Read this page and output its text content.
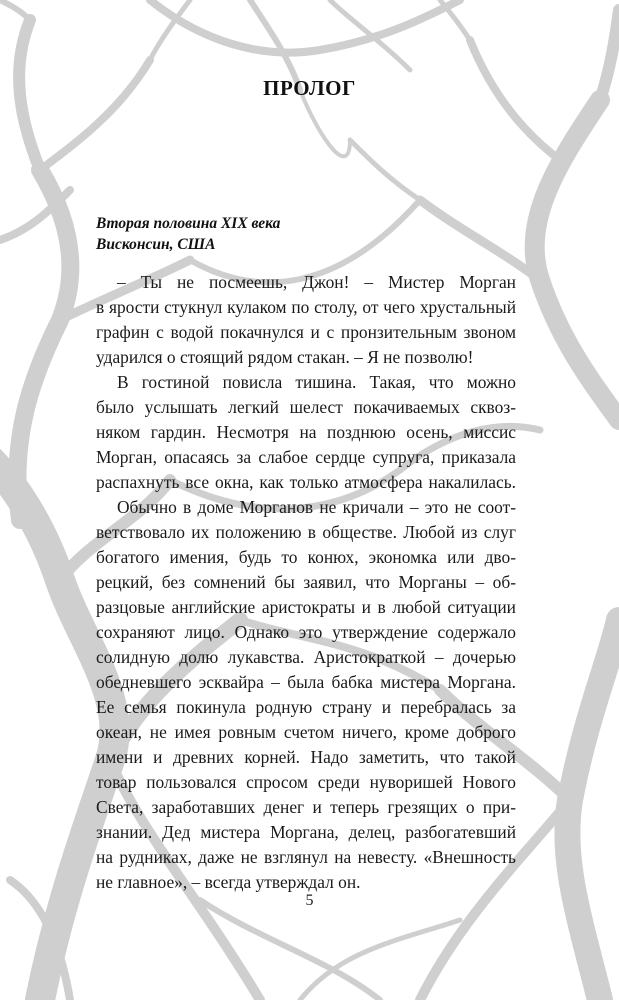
ПРОЛОГ
Вторая половина XIX века
Висконсин, США
– Ты не посмеешь, Джон! – Мистер Морган
в ярости стукнул кулаком по столу, от чего хрустальный
графин с водой покачнулся и с пронзительным звоном
ударился о стоящий рядом стакан. – Я не позволю!
В гостиной повисла тишина. Такая, что можно
было услышать легкий шелест покачиваемых сквоз-
няком гардин. Несмотря на позднюю осень, миссис
Морган, опасаясь за слабое сердце супруга, приказала
распахнуть все окна, как только атмосфера накалилась.
Обычно в доме Морганов не кричали – это не соот-
ветствовало их положению в обществе. Любой из слуг
богатого имения, будь то конюх, экономка или дво-
рецкий, без сомнений бы заявил, что Морганы – об-
разцовые английские аристократы и в любой ситуации
сохраняют лицо. Однако это утверждение содержало
солидную долю лукавства. Аристократкой – дочерью
обедневшего эсквайра – была бабка мистера Моргана.
Ее семья покинула родную страну и перебралась за
океан, не имея ровным счетом ничего, кроме доброго
имени и древних корней. Надо заметить, что такой
товар пользовался спросом среди нуворишей Нового
Света, заработавших денег и теперь грезящих о при-
знании. Дед мистера Моргана, делец, разбогатевший
на рудниках, даже не взглянул на невесту. «Внешность
не главное», – всегда утверждал он.
5
